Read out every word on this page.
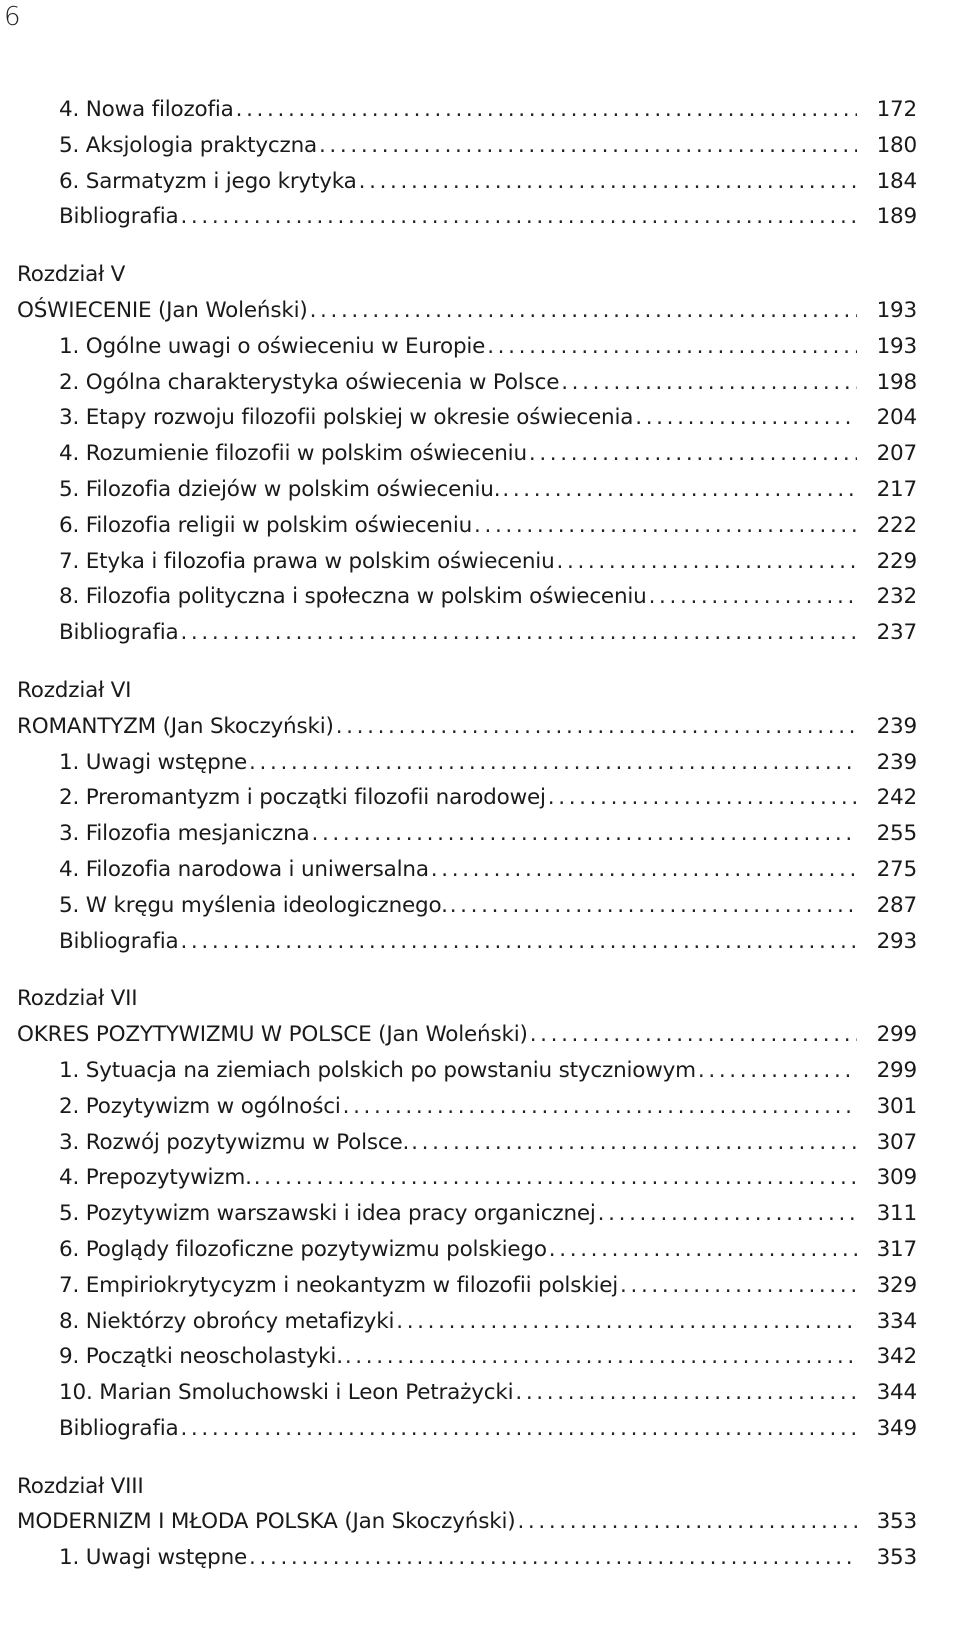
6
4. Nowa filozofia . . .	172
5. Aksjologia praktyczna . . .	180
6. Sarmatyzm i jego krytyka . . .	184
Bibliografia . . .	189
Rozdział V
OŚWIECENIE (Jan Woleński) . . .	193
1. Ogólne uwagi o oświeceniu w Europie . . .	193
2. Ogólna charakterystyka oświecenia w Polsce . . .	198
3. Etapy rozwoju filozofii polskiej w okresie oświecenia . . .	204
4. Rozumienie filozofii w polskim oświeceniu . . .	207
5. Filozofia dziejów w polskim oświeceniu. . . .	217
6. Filozofia religii w polskim oświeceniu . . .	222
7. Etyka i filozofia prawa w polskim oświeceniu . . .	229
8. Filozofia polityczna i społeczna w polskim oświeceniu . . .	232
Bibliografia . . .	237
Rozdział VI
ROMANTYZM (Jan Skoczyński) . . .	239
1. Uwagi wstępne . . .	239
2. Preromantyzm i początki filozofii narodowej . . .	242
3. Filozofia mesjaniczna . . .	255
4. Filozofia narodowa i uniwersalna . . .	275
5. W kręgu myślenia ideologicznego. . . .	287
Bibliografia . . .	293
Rozdział VII
OKRES POZYTYWIZMU W POLSCE (Jan Woleński) . . .	299
1. Sytuacja na ziemiach polskich po powstaniu styczniowym . . .	299
2. Pozytywizm w ogólności . . .	301
3. Rozwój pozytywizmu w Polsce. . . .	307
4. Prepozytywizm. . . .	309
5. Pozytywizm warszawski i idea pracy organicznej . . .	311
6. Poglądy filozoficzne pozytywizmu polskiego . . .	317
7. Empiriokrytycyzm i neokantyzm w filozofii polskiej . . .	329
8. Niektórzy obrońcy metafizyki . . .	334
9. Początki neoscholastyki. . . .	342
10. Marian Smoluchowski i Leon Petrażycki . . .	344
Bibliografia . . .	349
Rozdział VIII
MODERNIZM I MŁODA POLSKA (Jan Skoczyński) . . .	353
1. Uwagi wstępne . . .	353
